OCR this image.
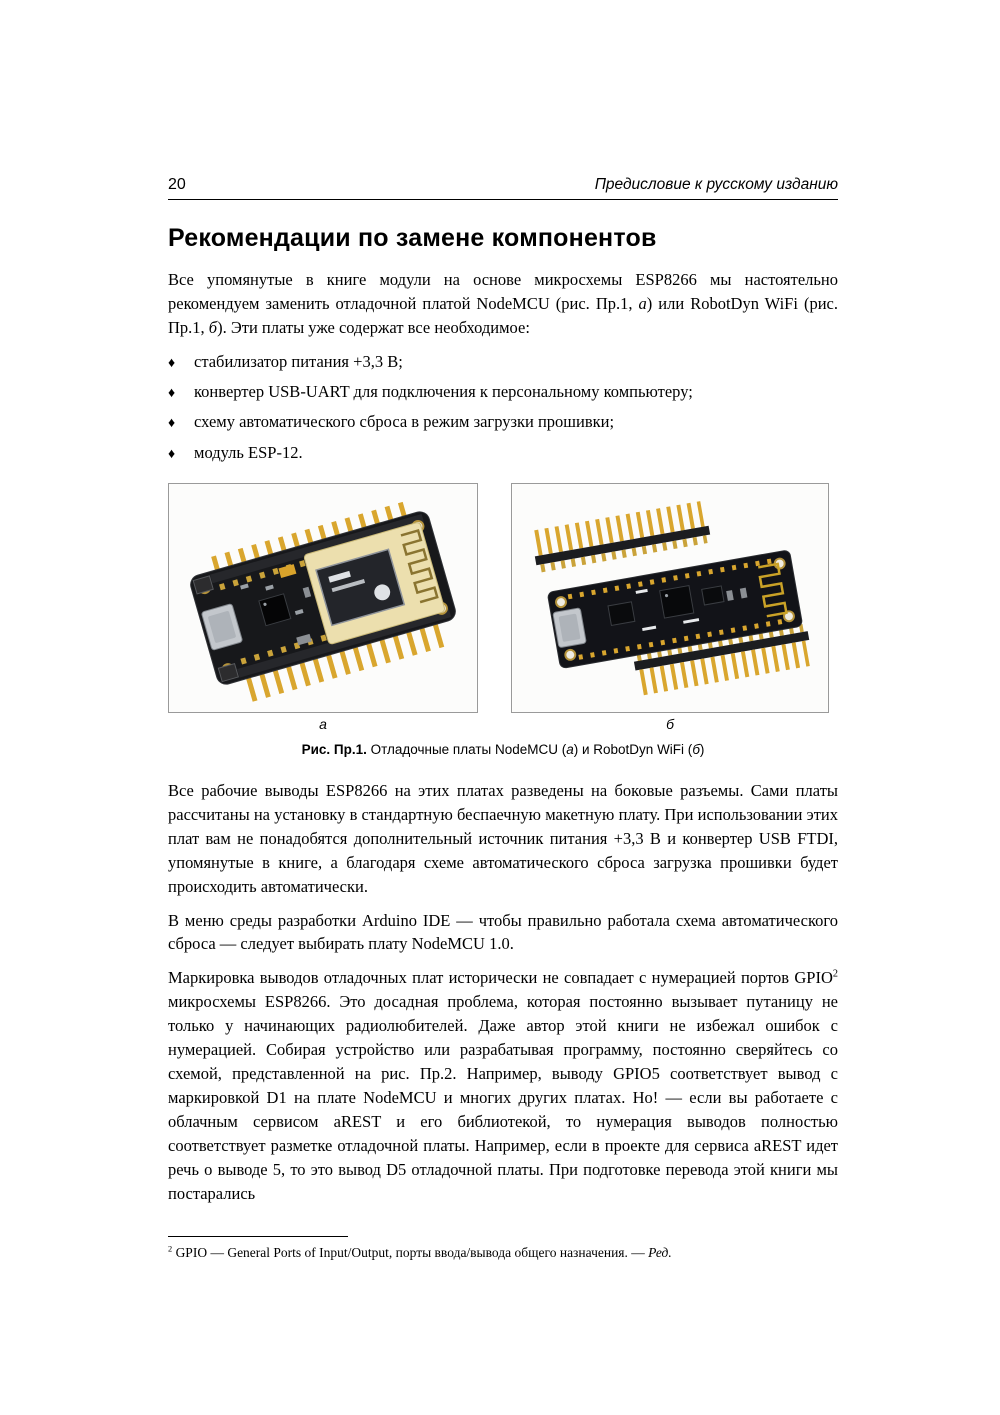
20	Предисловие к русскому изданию
Рекомендации по замене компонентов

Все упомянутые в книге модули на основе микросхемы ESP8266 мы настоятельно рекомендуем заменить отладочной платой NodeMCU (рис. Пр.1, а) или RobotDyn WiFi (рис. Пр.1, б). Эти платы уже содержат все необходимое:

♦	стабилизатор питания +3,3 В;
♦	конвертер USB-UART для подключения к персональному компьютеру;
♦	схему автоматического сброса в режим загрузки прошивки;
♦	модуль ESP-12.
а	б
Рис. Пр.1. Отладочные платы NodeMCU (а) и RobotDyn WiFi (б)

Все рабочие выводы ESP8266 на этих платах разведены на боковые разъемы. Сами платы рассчитаны на установку в стандартную беспаечную макетную плату. При использовании этих плат вам не понадобятся дополнительный источник питания +3,3 В и конвертер USB FTDI, упомянутые в книге, а благодаря схеме автоматического сброса загрузка прошивки будет происходить автоматически.

В меню среды разработки Arduino IDE — чтобы правильно работала схема автоматического сброса — следует выбирать плату NodeMCU 1.0.

Маркировка выводов отладочных плат исторически не совпадает с нумерацией портов GPIO$^2$ микросхемы ESP8266. Это досадная проблема, которая постоянно вызывает путаницу не только у начинающих радиолюбителей. Даже автор этой книги не избежал ошибок с нумерацией. Собирая устройство или разрабатывая программу, постоянно сверяйтесь со схемой, представленной на рис. Пр.2. Например, выводу GPIO5 соответствует вывод с маркировкой D1 на плате NodeMCU и многих других платах. Но! — если вы работаете с облачным сервисом aREST и его библиотекой, то нумерация выводов полностью соответствует разметке отладочной платы. Например, если в проекте для сервиса aREST идет речь о выводе 5, то это вывод D5 отладочной платы. При подготовке перевода этой книги мы постарались

$^2$ GPIO — General Ports of Input/Output, порты ввода/вывода общего назначения. — Ред.
